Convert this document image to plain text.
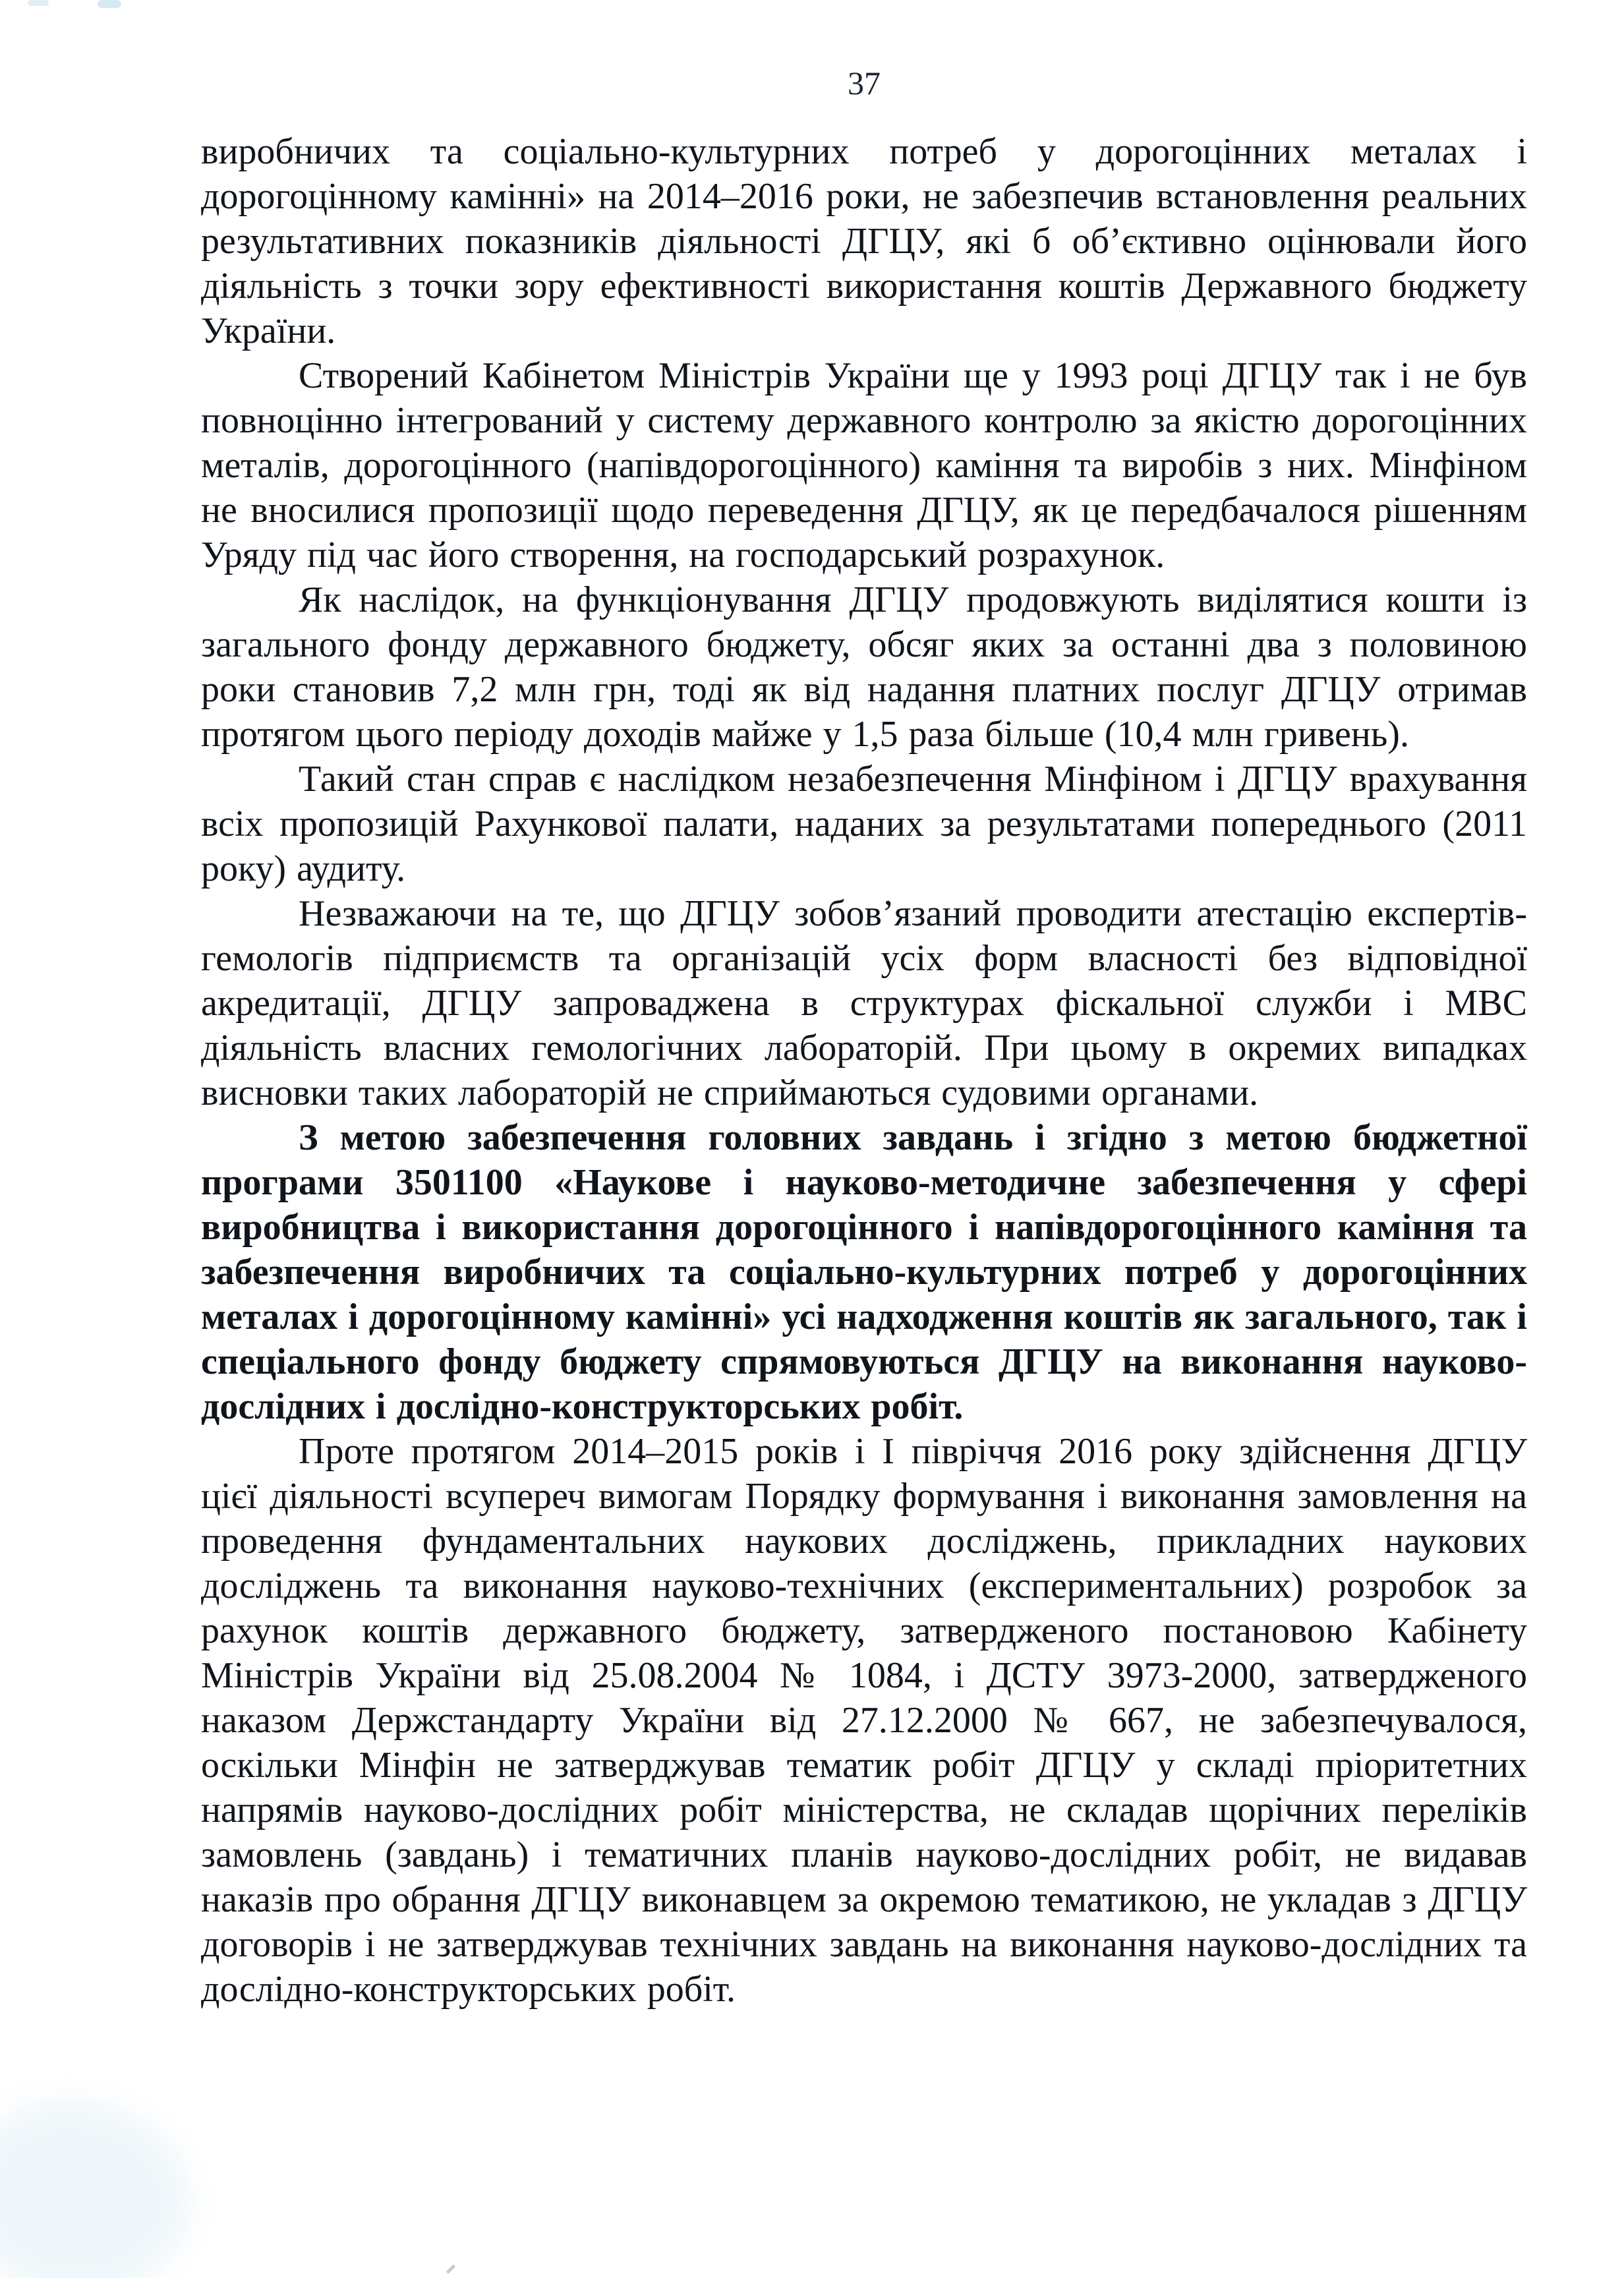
37

виробничих та соціально-культурних потреб у дорогоцінних металах і дорогоцінному камінні» на 2014–2016 роки, не забезпечив встановлення реальних результативних показників діяльності ДГЦУ, які б об’єктивно оцінювали його діяльність з точки зору ефективності використання коштів Державного бюджету України.

Створений Кабінетом Міністрів України ще у 1993 році ДГЦУ так і не був повноцінно інтегрований у систему державного контролю за якістю дорогоцінних металів, дорогоцінного (напівдорогоцінного) каміння та виробів з них. Мінфіном не вносилися пропозиції щодо переведення ДГЦУ, як це передбачалося рішенням Уряду під час його створення, на господарський розрахунок.

Як наслідок, на функціонування ДГЦУ продовжують виділятися кошти із загального фонду державного бюджету, обсяг яких за останні два з половиною роки становив 7,2 млн грн, тоді як від надання платних послуг ДГЦУ отримав протягом цього періоду доходів майже у 1,5 раза більше (10,4 млн гривень).

Такий стан справ є наслідком незабезпечення Мінфіном і ДГЦУ врахування всіх пропозицій Рахункової палати, наданих за результатами попереднього (2011 року) аудиту.

Незважаючи на те, що ДГЦУ зобов’язаний проводити атестацію експертів-гемологів підприємств та організацій усіх форм власності без відповідної акредитації, ДГЦУ запроваджена в структурах фіскальної служби і МВС діяльність власних гемологічних лабораторій. При цьому в окремих випадках висновки таких лабораторій не сприймаються судовими органами.

З метою забезпечення головних завдань і згідно з метою бюджетної програми 3501100 «Наукове і науково-методичне забезпечення у сфері виробництва і використання дорогоцінного і напівдорогоцінного каміння та забезпечення виробничих та соціально-культурних потреб у дорогоцінних металах і дорогоцінному камінні» усі надходження коштів як загального, так і спеціального фонду бюджету спрямовуються ДГЦУ на виконання науково-дослідних і дослідно-конструкторських робіт.

Проте протягом 2014–2015 років і І півріччя 2016 року здійснення ДГЦУ цієї діяльності всупереч вимогам Порядку формування і виконання замовлення на проведення фундаментальних наукових досліджень, прикладних наукових досліджень та виконання науково-технічних (експериментальних) розробок за рахунок коштів державного бюджету, затвердженого постановою Кабінету Міністрів України від 25.08.2004 № 1084, і ДСТУ 3973-2000, затвердженого наказом Держстандарту України від 27.12.2000 № 667, не забезпечувалося, оскільки Мінфін не затверджував тематик робіт ДГЦУ у складі пріоритетних напрямів науково-дослідних робіт міністерства, не складав щорічних переліків замовлень (завдань) і тематичних планів науково-дослідних робіт, не видавав наказів про обрання ДГЦУ виконавцем за окремою тематикою, не укладав з ДГЦУ договорів і не затверджував технічних завдань на виконання науково-дослідних та дослідно-конструкторських робіт.
